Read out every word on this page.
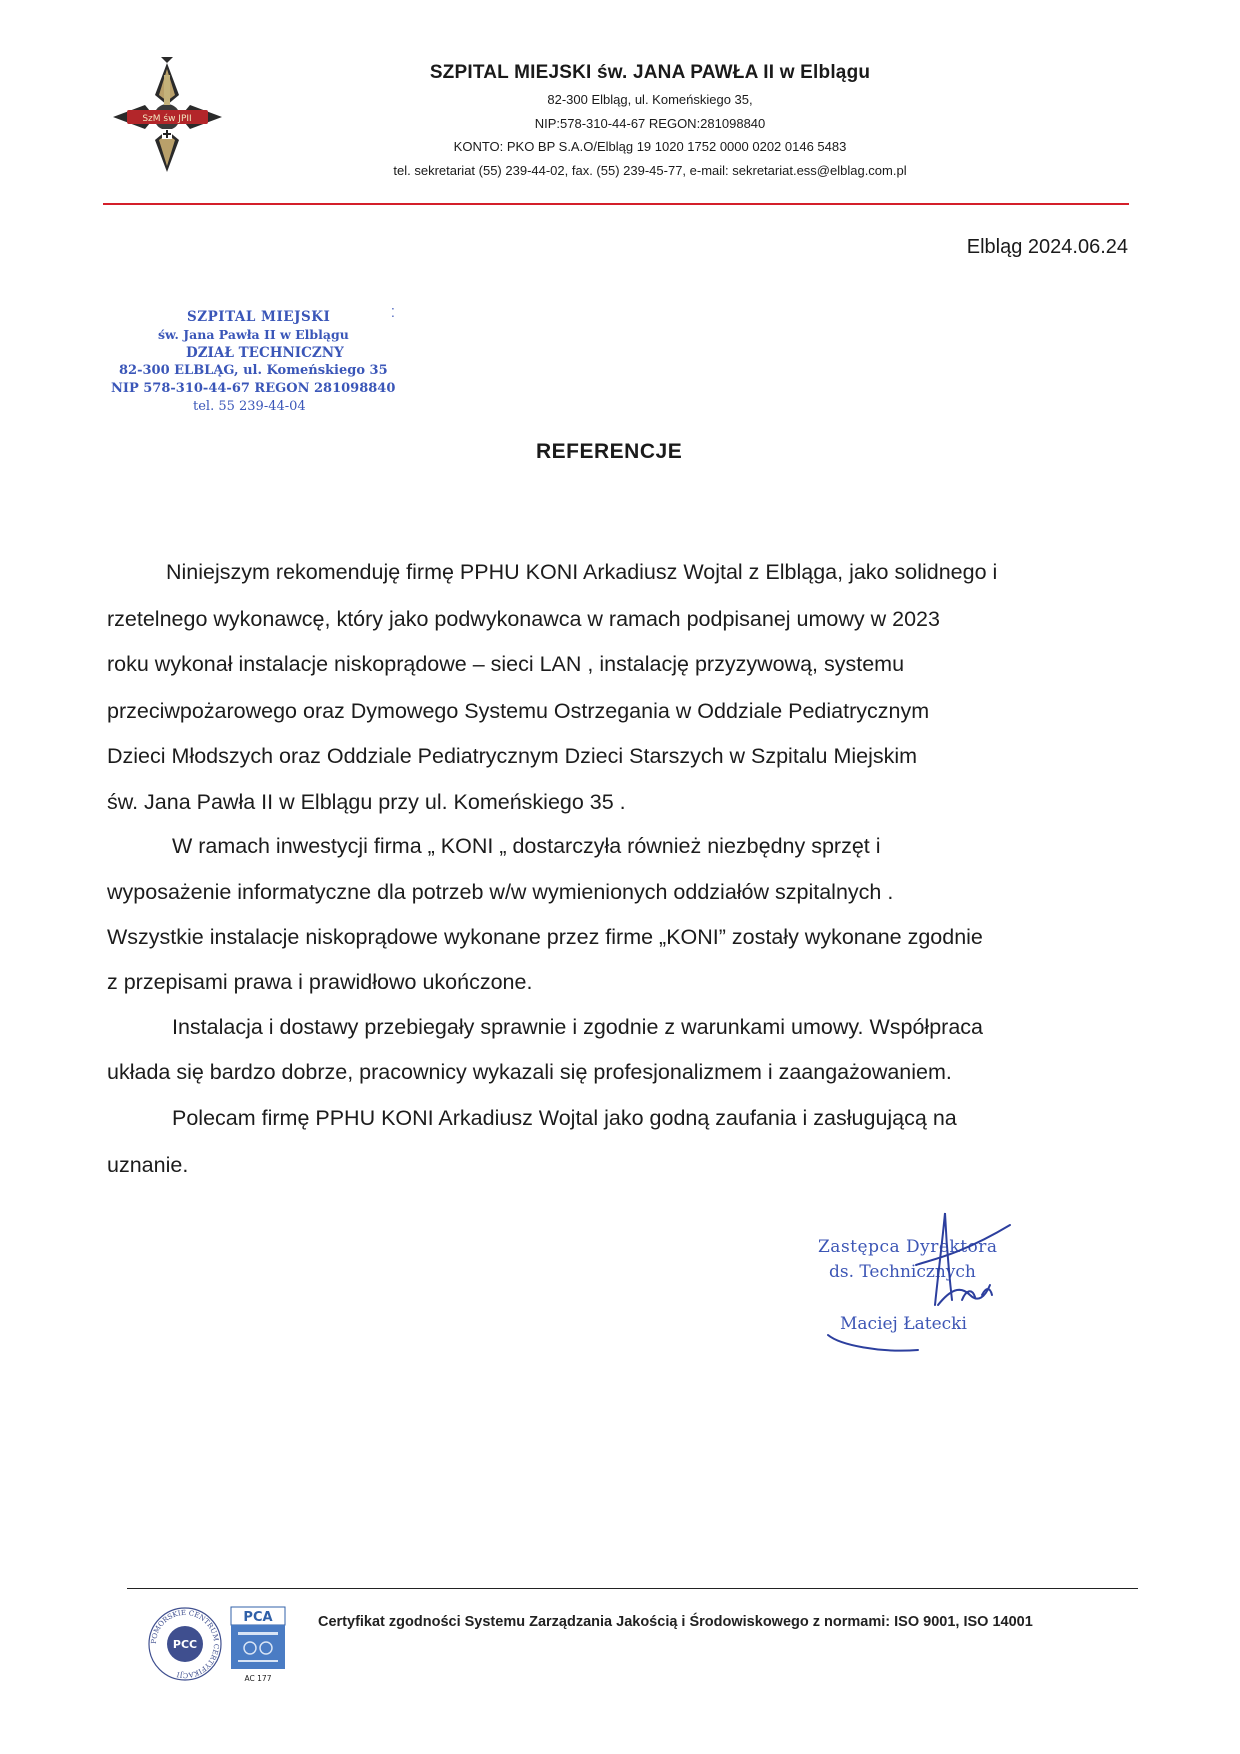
SzM św JPII
SZPITAL MIEJSKI św. JANA PAWŁA II w Elblągu
82-300 Elbląg, ul. Komeńskiego 35,
NIP:578-310-44-67 REGON:281098840
KONTO: PKO BP S.A.O/Elbląg 19 1020 1752 0000 0202 0146 5483
tel. sekretariat (55) 239-44-02, fax. (55) 239-45-77, e-mail: sekretariat.ess@elblag.com.pl
Elbląg 2024.06.24
SZPITAL MIEJSKI
św. Jana Pawła II w Elblągu
DZIAŁ TECHNICZNY
82-300 ELBLĄG, ul. Komeńskiego 35
NIP 578-310-44-67 REGON 281098840
tel. 55 239-44-04
⁚
REFERENCJE
Niniejszym rekomenduję firmę PPHU KONI Arkadiusz Wojtal z Elbląga, jako solidnego i
rzetelnego wykonawcę, który jako podwykonawca w ramach podpisanej umowy w 2023
roku wykonał instalacje niskoprądowe – sieci LAN , instalację przyzywową, systemu
przeciwpożarowego oraz Dymowego Systemu Ostrzegania w Oddziale Pediatrycznym
Dzieci Młodszych oraz Oddziale Pediatrycznym Dzieci Starszych w Szpitalu Miejskim
św. Jana Pawła II w Elblągu przy ul. Komeńskiego 35 .
W ramach inwestycji firma „ KONI „ dostarczyła również niezbędny sprzęt i
wyposażenie informatyczne dla potrzeb w/w wymienionych oddziałów szpitalnych .
Wszystkie instalacje niskoprądowe wykonane przez firme „KONI” zostały wykonane zgodnie
z przepisami prawa i prawidłowo ukończone.
Instalacja i dostawy przebiegały sprawnie i zgodnie z warunkami umowy. Współpraca
układa się bardzo dobrze, pracownicy wykazali się profesjonalizmem i zaangażowaniem.
Polecam firmę PPHU KONI Arkadiusz Wojtal jako godną zaufania i zasługującą na
uznanie.
Zastępca Dyrektora
ds. Technicznych
Maciej Łatecki
POMORSKIE CENTRUM CERTYFIKACJI
PCC
PCA
AC 177
Certyfikat zgodności Systemu Zarządzania Jakością i Środowiskowego z normami: ISO 9001, ISO 14001
